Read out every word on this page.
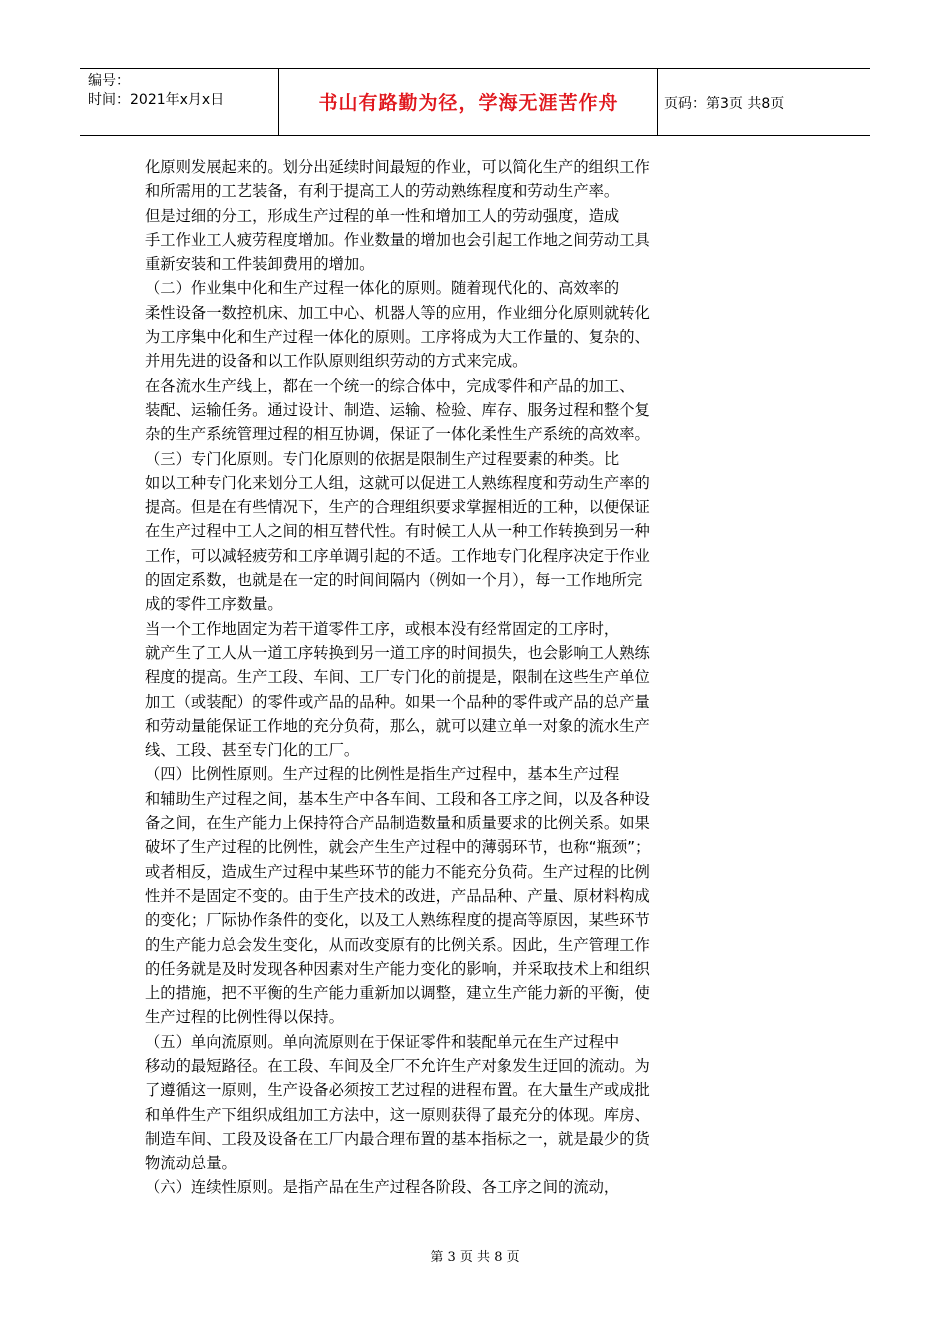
编号：
时间：2021年x月x日	书山有路勤为径，学海无涯苦作舟	页码：第3页 共8页
化原则发展起来的。划分出延续时间最短的作业，可以简化生产的组织工作
和所需用的工艺装备，有利于提高工人的劳动熟练程度和劳动生产率。
但是过细的分工，形成生产过程的单一性和增加工人的劳动强度，造成
手工作业工人疲劳程度增加。作业数量的增加也会引起工作地之间劳动工具
重新安装和工件装卸费用的增加。
（二）作业集中化和生产过程一体化的原则。随着现代化的、高效率的
柔性设备一数控机床、加工中心、机器人等的应用，作业细分化原则就转化
为工序集中化和生产过程一体化的原则。工序将成为大工作量的、复杂的、
并用先进的设备和以工作队原则组织劳动的方式来完成。
在各流水生产线上，都在一个统一的综合体中，完成零件和产品的加工、
装配、运输任务。通过设计、制造、运输、检验、库存、服务过程和整个复
杂的生产系统管理过程的相互协调，保证了一体化柔性生产系统的高效率。
（三）专门化原则。专门化原则的依据是限制生产过程要素的种类。比
如以工种专门化来划分工人组，这就可以促进工人熟练程度和劳动生产率的
提高。但是在有些情况下，生产的合理组织要求掌握相近的工种，以便保证
在生产过程中工人之间的相互替代性。有时候工人从一种工作转换到另一种
工作，可以减轻疲劳和工序单调引起的不适。工作地专门化程序决定于作业
的固定系数，也就是在一定的时间间隔内（例如一个月），每一工作地所完
成的零件工序数量。
当一个工作地固定为若干道零件工序，或根本没有经常固定的工序时，
就产生了工人从一道工序转换到另一道工序的时间损失，也会影响工人熟练
程度的提高。生产工段、车间、工厂专门化的前提是，限制在这些生产单位
加工（或装配）的零件或产品的品种。如果一个品种的零件或产品的总产量
和劳动量能保证工作地的充分负荷，那么，就可以建立单一对象的流水生产
线、工段、甚至专门化的工厂。
（四）比例性原则。生产过程的比例性是指生产过程中，基本生产过程
和辅助生产过程之间，基本生产中各车间、工段和各工序之间，以及各种设
备之间，在生产能力上保持符合产品制造数量和质量要求的比例关系。如果
破坏了生产过程的比例性，就会产生生产过程中的薄弱环节，也称“瓶颈”；
或者相反，造成生产过程中某些环节的能力不能充分负荷。生产过程的比例
性并不是固定不变的。由于生产技术的改进，产品品种、产量、原材料构成
的变化；厂际协作条件的变化，以及工人熟练程度的提高等原因，某些环节
的生产能力总会发生变化，从而改变原有的比例关系。因此，生产管理工作
的任务就是及时发现各种因素对生产能力变化的影响，并采取技术上和组织
上的措施，把不平衡的生产能力重新加以调整，建立生产能力新的平衡，使
生产过程的比例性得以保持。
（五）单向流原则。单向流原则在于保证零件和装配单元在生产过程中
移动的最短路径。在工段、车间及全厂不允许生产对象发生迂回的流动。为
了遵循这一原则，生产设备必须按工艺过程的进程布置。在大量生产或成批
和单件生产下组织成组加工方法中，这一原则获得了最充分的体现。库房、
制造车间、工段及设备在工厂内最合理布置的基本指标之一，就是最少的货
物流动总量。
（六）连续性原则。是指产品在生产过程各阶段、各工序之间的流动，
第 3 页 共 8 页
